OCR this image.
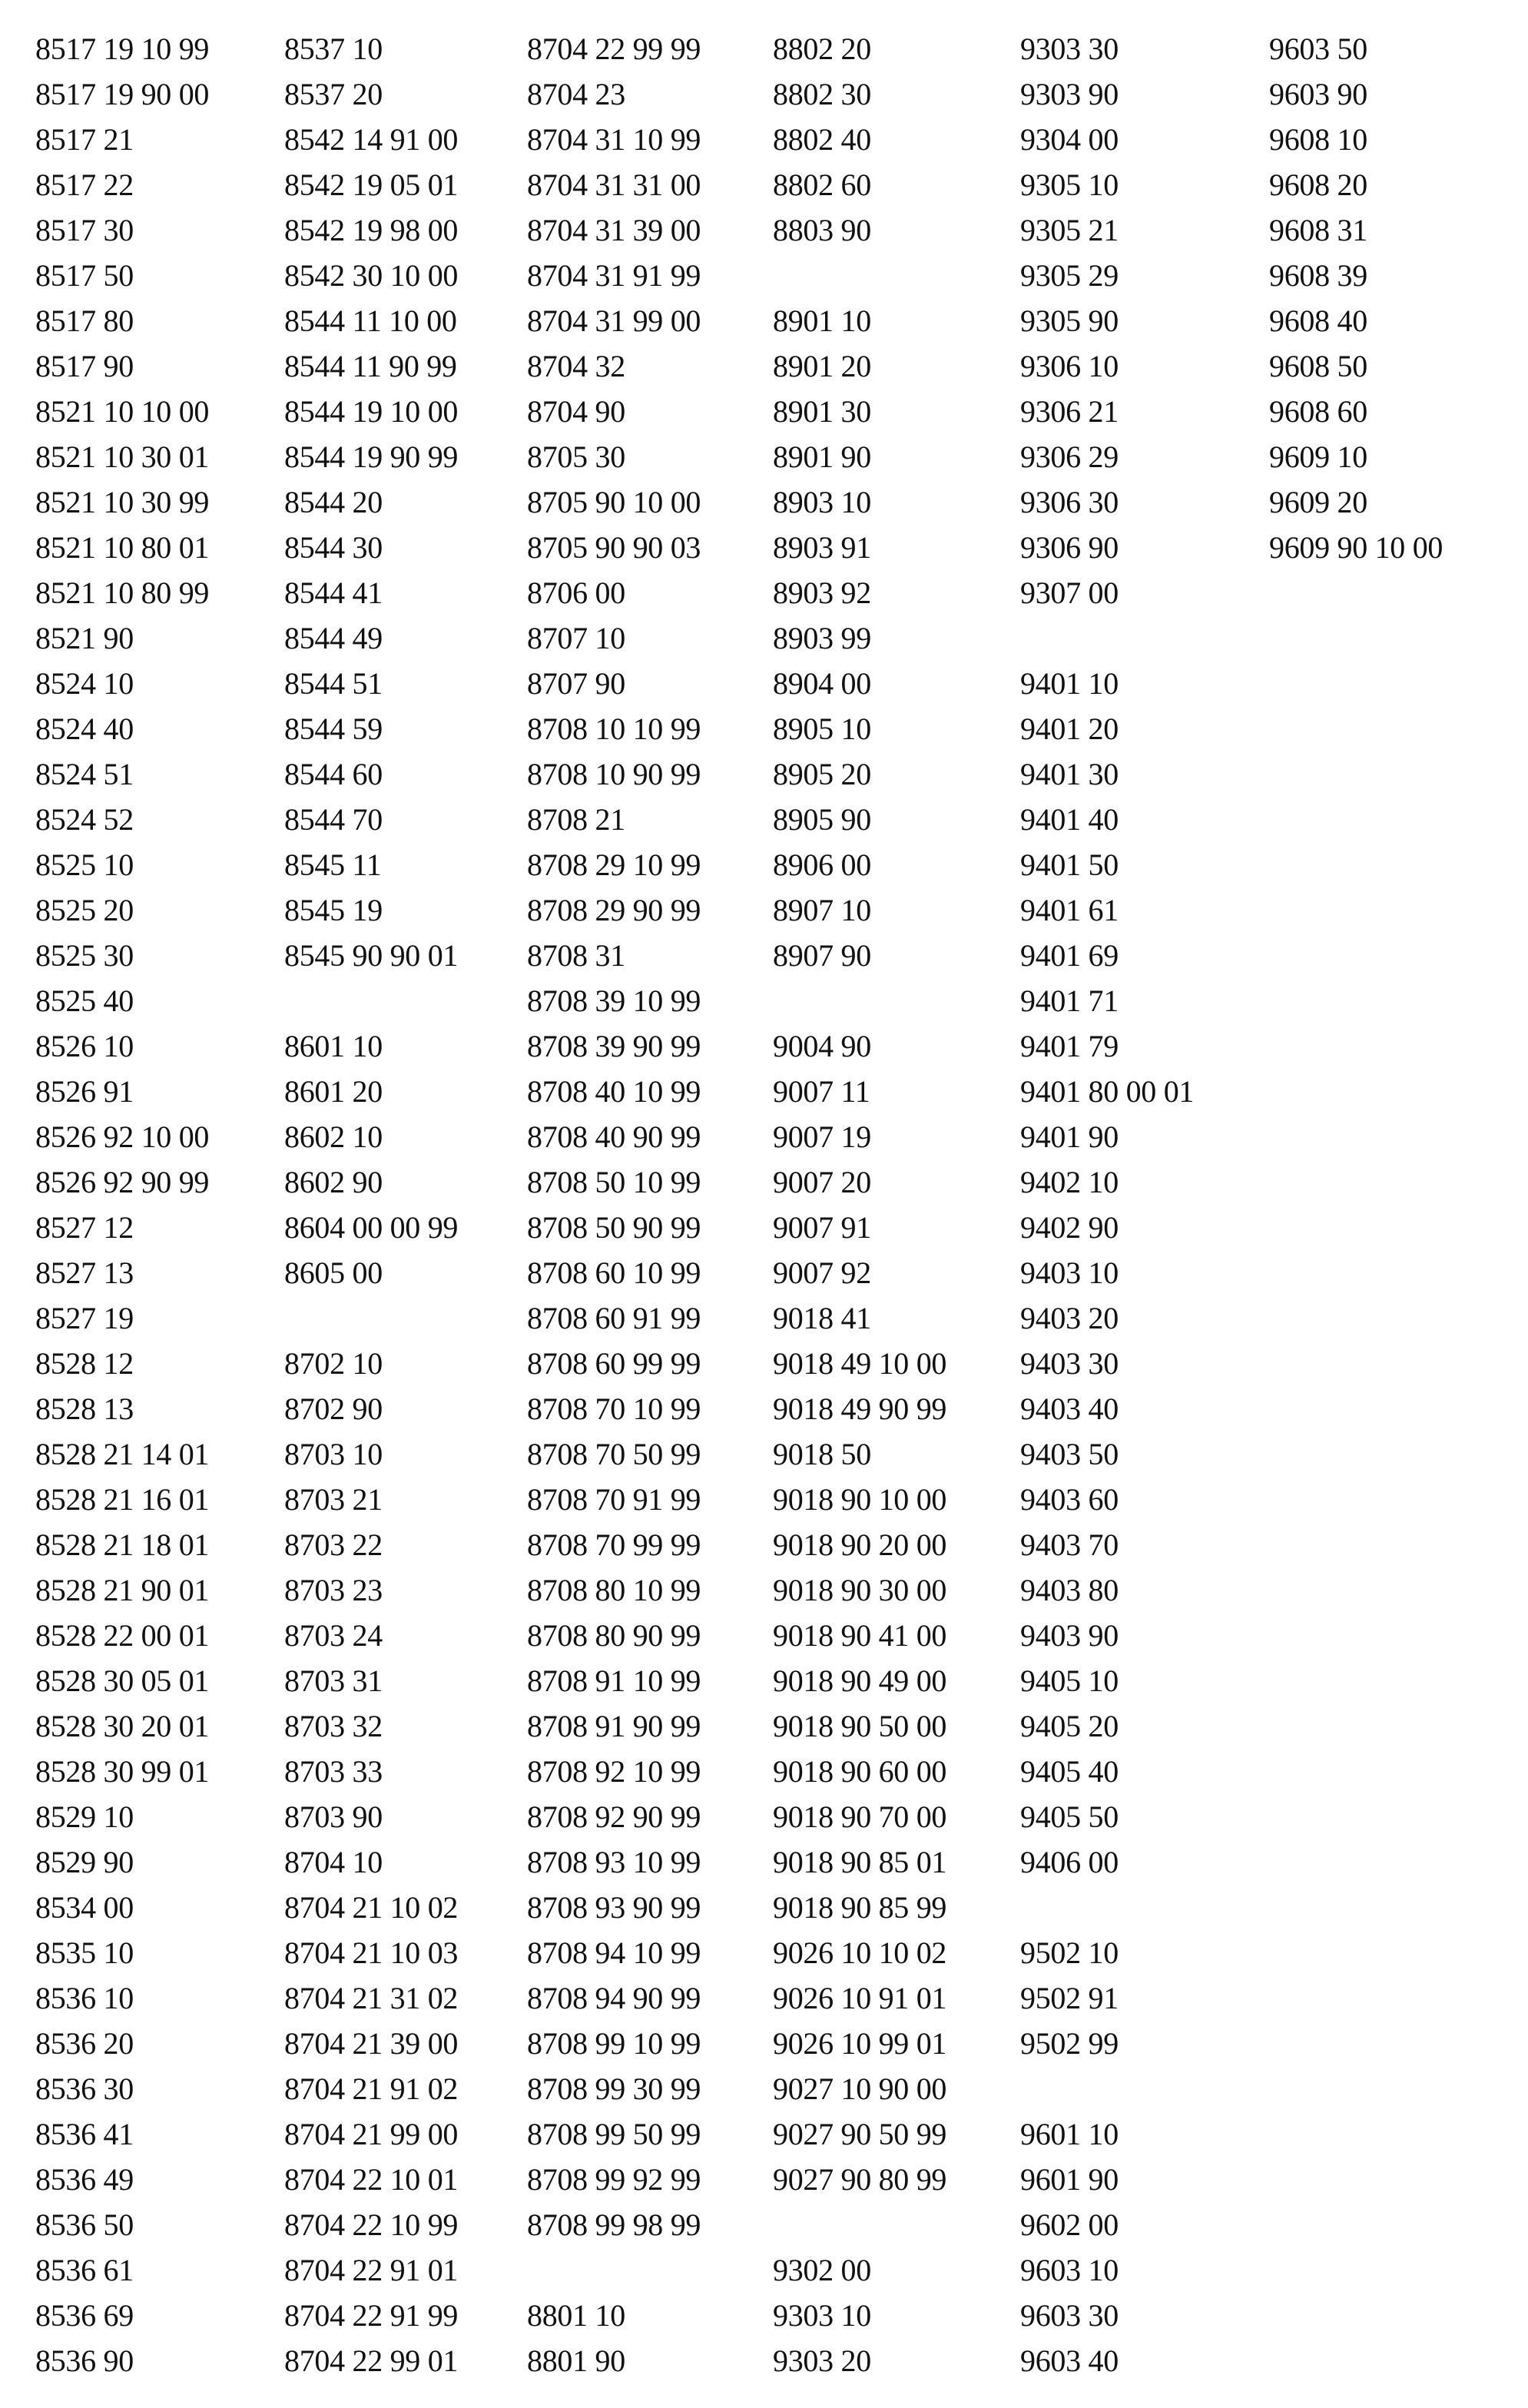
8517 19 10 99
8517 19 90 00
8517 21
8517 22
8517 30
8517 50
8517 80
8517 90
8521 10 10 00
8521 10 30 01
8521 10 30 99
8521 10 80 01
8521 10 80 99
8521 90
8524 10
8524 40
8524 51
8524 52
8525 10
8525 20
8525 30
8525 40
8526 10
8526 91
8526 92 10 00
8526 92 90 99
8527 12
8527 13
8527 19
8528 12
8528 13
8528 21 14 01
8528 21 16 01
8528 21 18 01
8528 21 90 01
8528 22 00 01
8528 30 05 01
8528 30 20 01
8528 30 99 01
8529 10
8529 90
8534 00
8535 10
8536 10
8536 20
8536 30
8536 41
8536 49
8536 50
8536 61
8536 69
8536 90
8537 10
8537 20
8542 14 91 00
8542 19 05 01
8542 19 98 00
8542 30 10 00
8544 11 10 00
8544 11 90 99
8544 19 10 00
8544 19 90 99
8544 20
8544 30
8544 41
8544 49
8544 51
8544 59
8544 60
8544 70
8545 11
8545 19
8545 90 90 01
8601 10
8601 20
8602 10
8602 90
8604 00 00 99
8605 00
8702 10
8702 90
8703 10
8703 21
8703 22
8703 23
8703 24
8703 31
8703 32
8703 33
8703 90
8704 10
8704 21 10 02
8704 21 10 03
8704 21 31 02
8704 21 39 00
8704 21 91 02
8704 21 99 00
8704 22 10 01
8704 22 10 99
8704 22 91 01
8704 22 91 99
8704 22 99 01
8704 22 99 99
8704 23
8704 31 10 99
8704 31 31 00
8704 31 39 00
8704 31 91 99
8704 31 99 00
8704 32
8704 90
8705 30
8705 90 10 00
8705 90 90 03
8706 00
8707 10
8707 90
8708 10 10 99
8708 10 90 99
8708 21
8708 29 10 99
8708 29 90 99
8708 31
8708 39 10 99
8708 39 90 99
8708 40 10 99
8708 40 90 99
8708 50 10 99
8708 50 90 99
8708 60 10 99
8708 60 91 99
8708 60 99 99
8708 70 10 99
8708 70 50 99
8708 70 91 99
8708 70 99 99
8708 80 10 99
8708 80 90 99
8708 91 10 99
8708 91 90 99
8708 92 10 99
8708 92 90 99
8708 93 10 99
8708 93 90 99
8708 94 10 99
8708 94 90 99
8708 99 10 99
8708 99 30 99
8708 99 50 99
8708 99 92 99
8708 99 98 99
8801 10
8801 90
8802 20
8802 30
8802 40
8802 60
8803 90
8901 10
8901 20
8901 30
8901 90
8903 10
8903 91
8903 92
8903 99
8904 00
8905 10
8905 20
8905 90
8906 00
8907 10
8907 90
9004 90
9007 11
9007 19
9007 20
9007 91
9007 92
9018 41
9018 49 10 00
9018 49 90 99
9018 50
9018 90 10 00
9018 90 20 00
9018 90 30 00
9018 90 41 00
9018 90 49 00
9018 90 50 00
9018 90 60 00
9018 90 70 00
9018 90 85 01
9018 90 85 99
9026 10 10 02
9026 10 91 01
9026 10 99 01
9027 10 90 00
9027 90 50 99
9027 90 80 99
9302 00
9303 10
9303 20
9303 30
9303 90
9304 00
9305 10
9305 21
9305 29
9305 90
9306 10
9306 21
9306 29
9306 30
9306 90
9307 00
9401 10
9401 20
9401 30
9401 40
9401 50
9401 61
9401 69
9401 71
9401 79
9401 80 00 01
9401 90
9402 10
9402 90
9403 10
9403 20
9403 30
9403 40
9403 50
9403 60
9403 70
9403 80
9403 90
9405 10
9405 20
9405 40
9405 50
9406 00
9502 10
9502 91
9502 99
9601 10
9601 90
9602 00
9603 10
9603 30
9603 40
9603 50
9603 90
9608 10
9608 20
9608 31
9608 39
9608 40
9608 50
9608 60
9609 10
9609 20
9609 90 10 00
